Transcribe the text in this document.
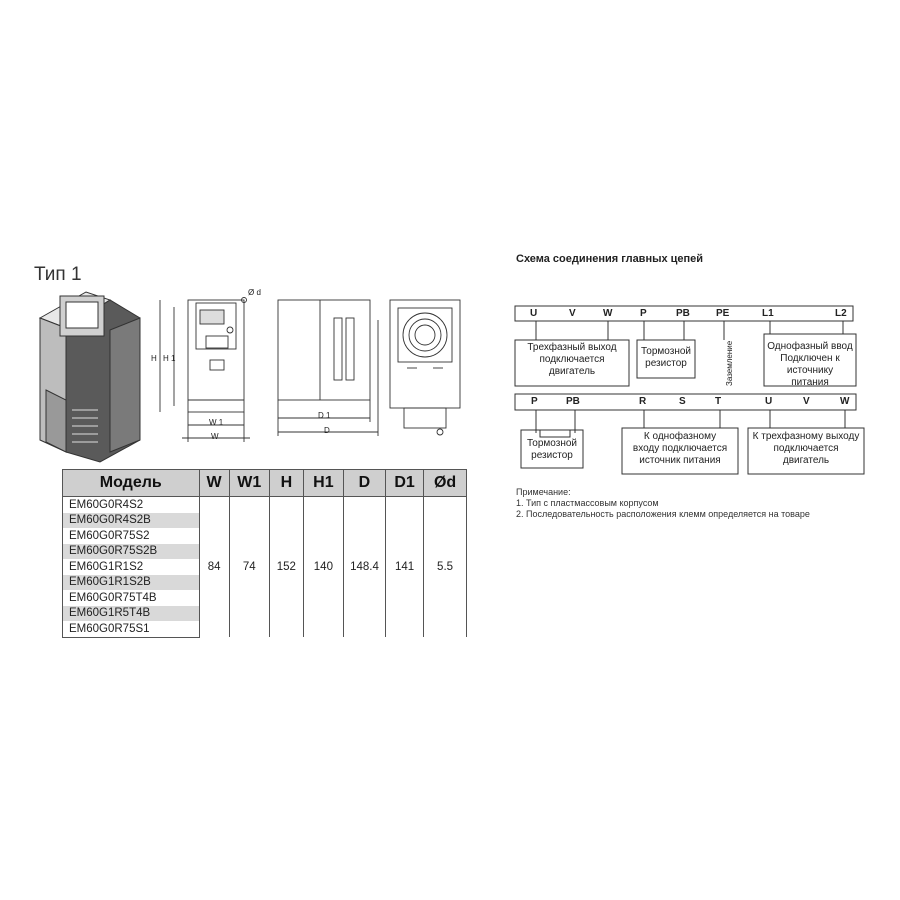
Тип 1
Схема соединения главных цепей
Ø d
H H 1
W 1
W
D 1
D
Модель	W	W1	H	H1	D	D1	Ød
EM60G0R4S2	84	74	152	140	148.4	141	5.5
EM60G0R4S2B							
EM60G0R75S2							
EM60G0R75S2B							
EM60G1R1S2							
EM60G1R1S2B							
EM60G0R75T4B							
EM60G1R5T4B							
EM60G0R75S1							
U	V	W	P	PB	PE	L1	L2
Трехфазный выход
подключается
двигатель
Тормозной
резистор	Заземление	Однофазный ввод
Подключен к источнику
питания
P	PB	R	S	T	U	V	W
Тормозной
резистор
К однофазному
входу подключается
источник питания
К трехфазному выходу
подключается
двигатель
Примечание:
1. Тип с пластмассовым корпусом
2. Последовательность расположения клемм определяется на товаре
